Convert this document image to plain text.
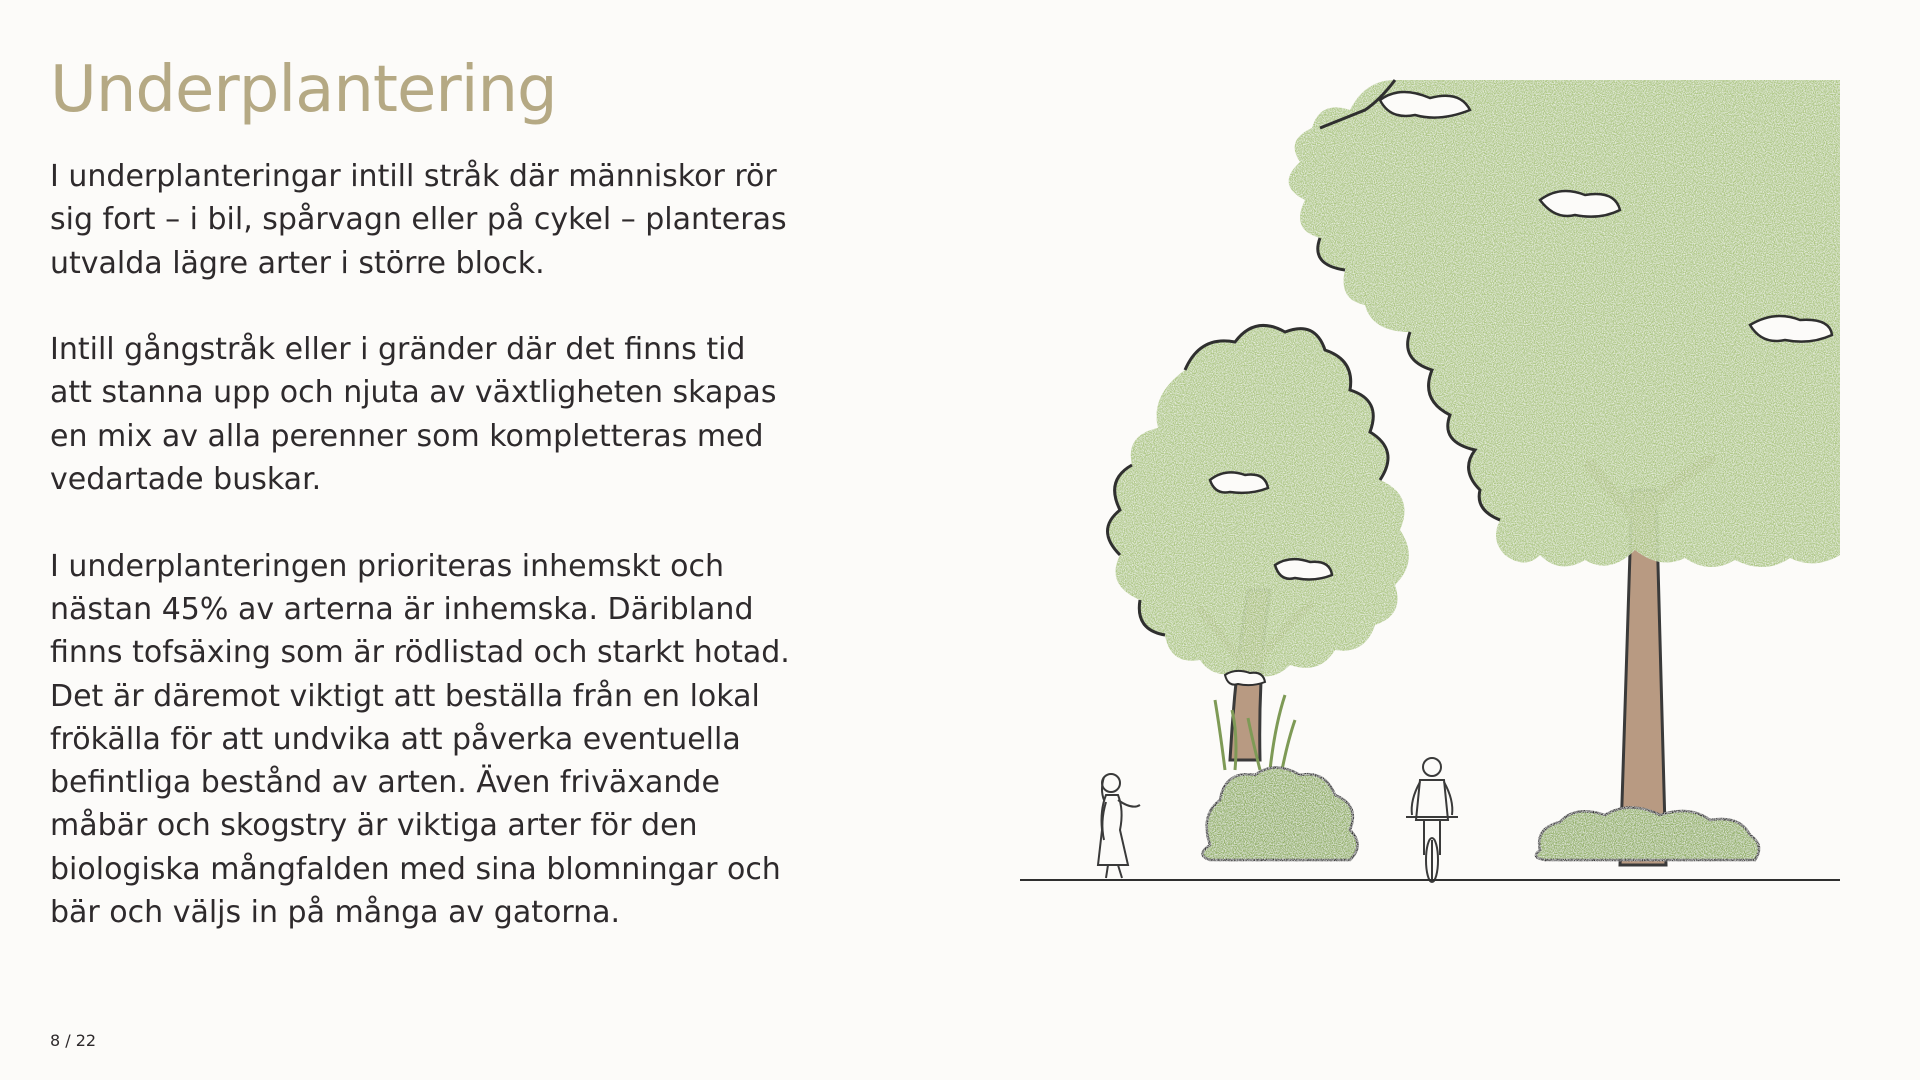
Underplantering

I underplanteringar intill stråk där människor rör
sig fort – i bil, spårvagn eller på cykel – planteras
utvalda lägre arter i större block.

Intill gångstråk eller i gränder där det finns tid
att stanna upp och njuta av växtligheten skapas
en mix av alla perenner som kompletteras med
vedartade buskar.

I underplanteringen prioriteras inhemskt och
nästan 45% av arterna är inhemska. Däribland
finns tofsäxing som är rödlistad och starkt hotad.
Det är däremot viktigt att beställa från en lokal
frökälla för att undvika att påverka eventuella
befintliga bestånd av arten. Även friväxande
måbär och skogstry är viktiga arter för den
biologiska mångfalden med sina blomningar och
bär och väljs in på många av gatorna.

8 / 22
